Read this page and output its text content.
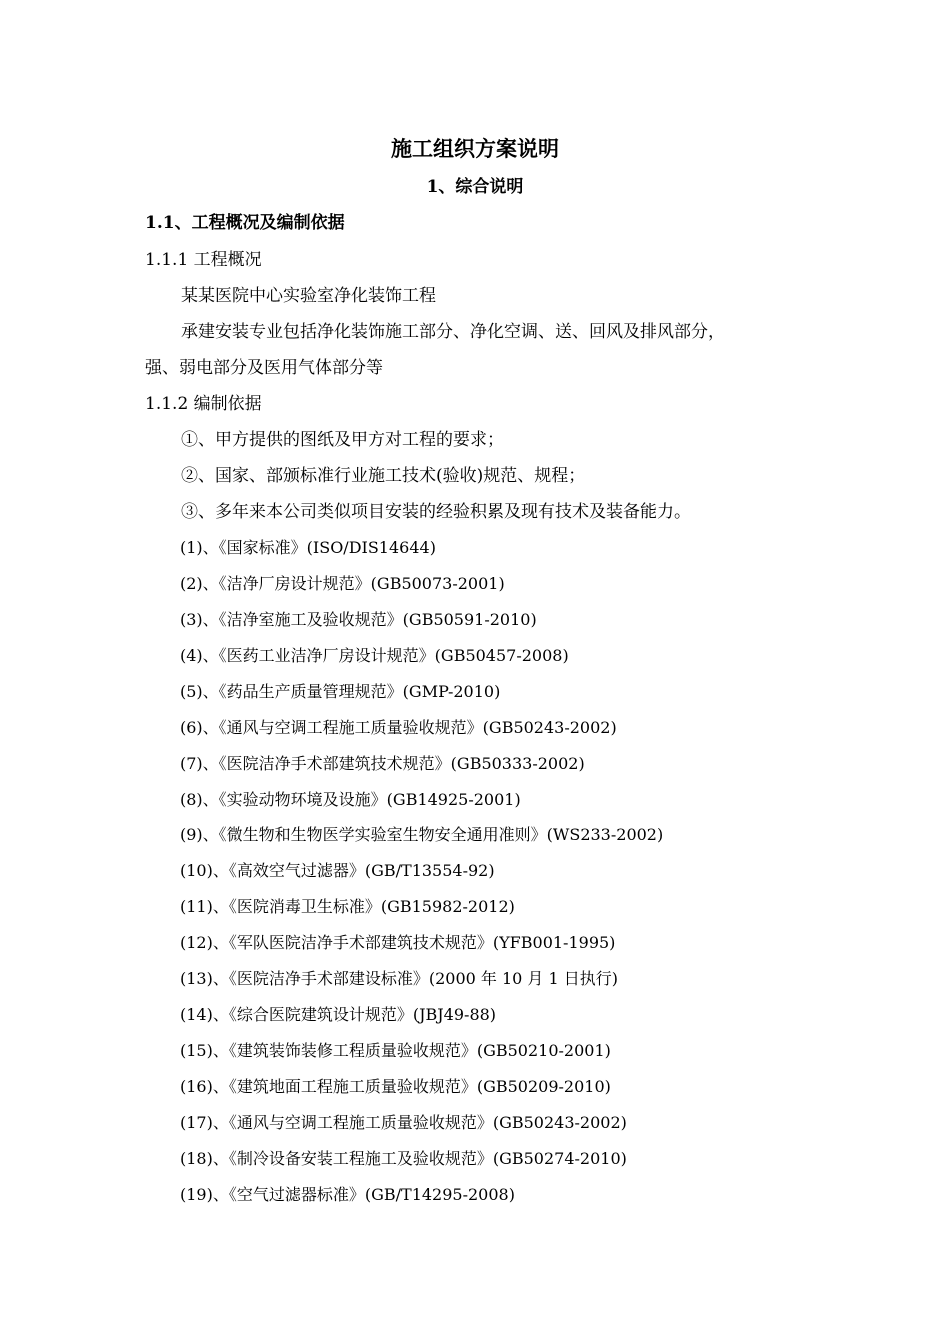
施工组织方案说明
1、综合说明
1.1、工程概况及编制依据
1.1.1 工程概况
某某医院中心实验室净化装饰工程
承建安装专业包括净化装饰施工部分、净化空调、送、回风及排风部分，
强、弱电部分及医用气体部分等
1.1.2 编制依据
①、甲方提供的图纸及甲方对工程的要求；
②、国家、部颁标准行业施工技术(验收)规范、规程；
③、多年来本公司类似项目安装的经验积累及现有技术及装备能力。
(1)、《国家标准》(ISO/DIS14644)
(2)、《洁净厂房设计规范》(GB50073-2001)
(3)、《洁净室施工及验收规范》(GB50591-2010)
(4)、《医药工业洁净厂房设计规范》(GB50457-2008)
(5)、《药品生产质量管理规范》(GMP-2010)
(6)、《通风与空调工程施工质量验收规范》(GB50243-2002)
(7)、《医院洁净手术部建筑技术规范》(GB50333-2002)
(8)、《实验动物环境及设施》(GB14925-2001)
(9)、《微生物和生物医学实验室生物安全通用准则》(WS233-2002)
(10)、《高效空气过滤器》(GB/T13554-92)
(11)、《医院消毒卫生标准》(GB15982-2012)
(12)、《军队医院洁净手术部建筑技术规范》(YFB001-1995)
(13)、《医院洁净手术部建设标准》(2000 年 10 月 1 日执行)
(14)、《综合医院建筑设计规范》(JBJ49-88)
(15)、《建筑装饰装修工程质量验收规范》(GB50210-2001)
(16)、《建筑地面工程施工质量验收规范》(GB50209-2010)
(17)、《通风与空调工程施工质量验收规范》(GB50243-2002)
(18)、《制冷设备安装工程施工及验收规范》(GB50274-2010)
(19)、《空气过滤器标准》(GB/T14295-2008)
